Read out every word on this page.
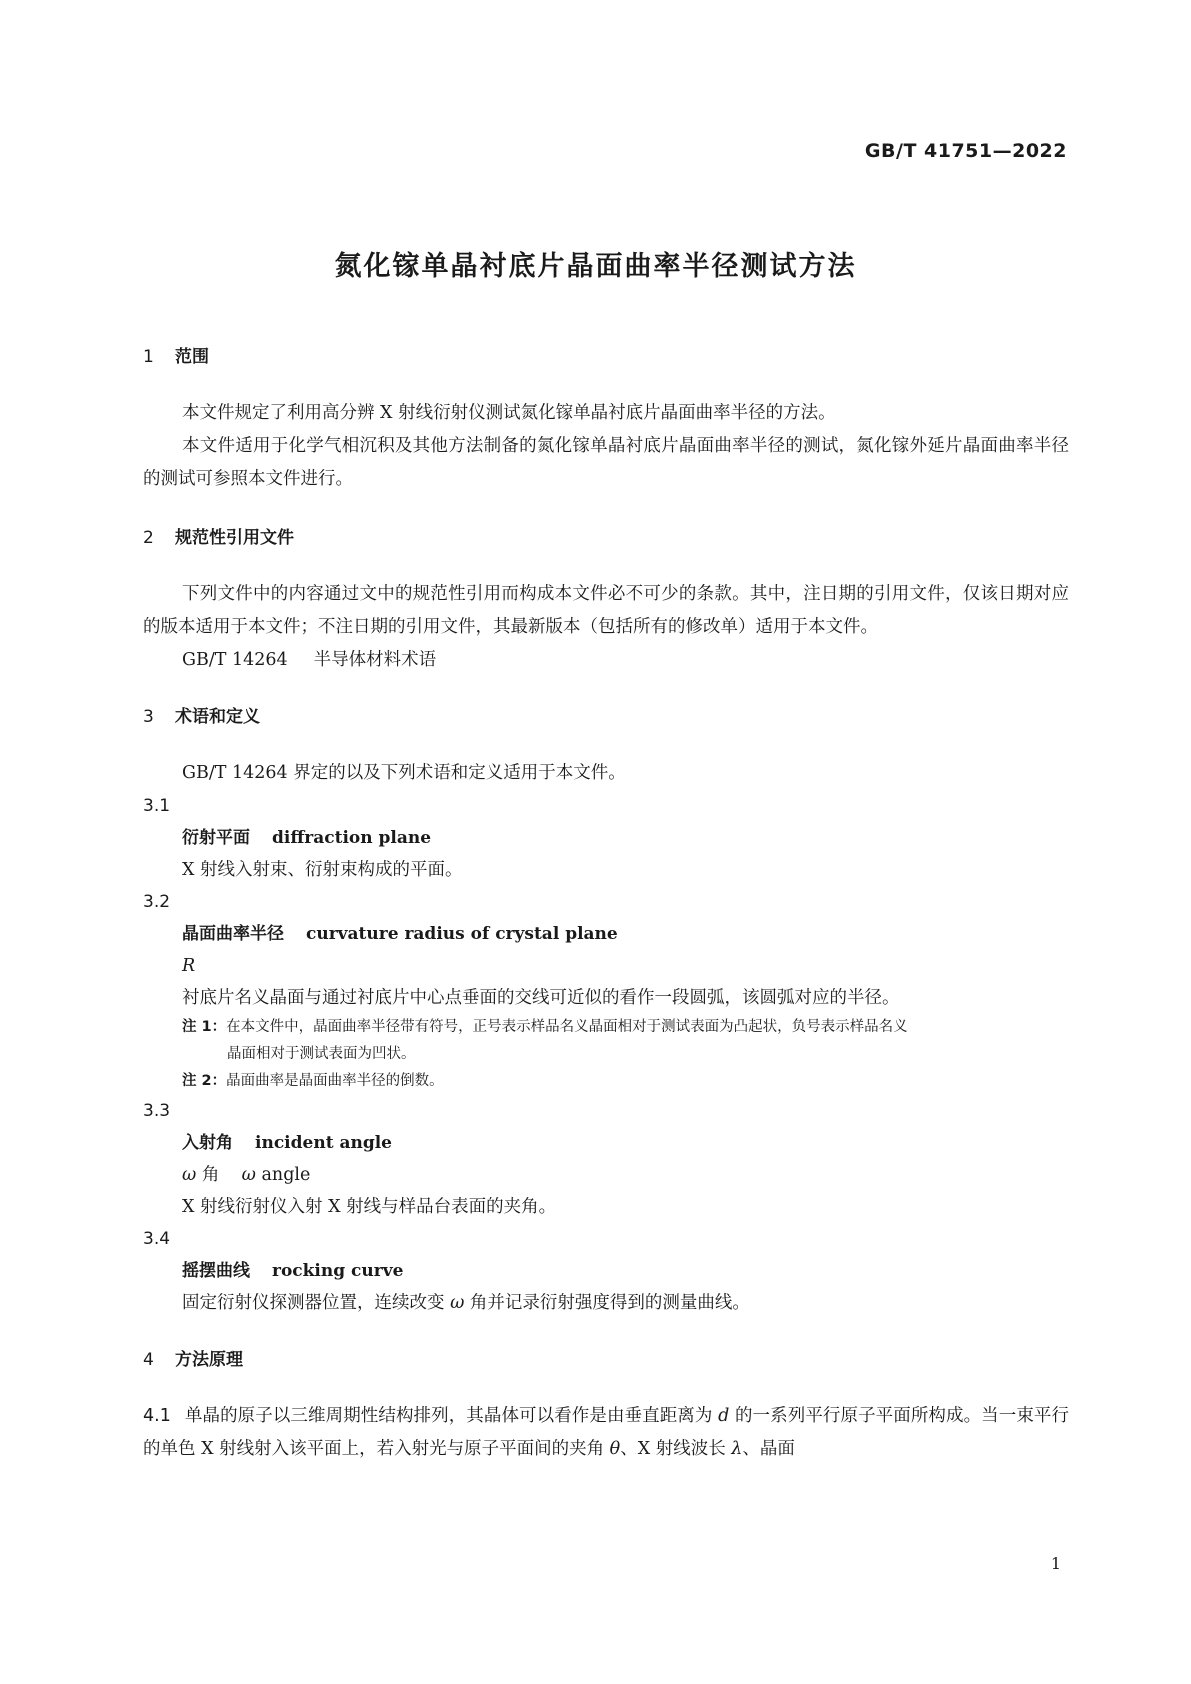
GB/T 41751—2022
氮化镓单晶衬底片晶面曲率半径测试方法
1 范围
本文件规定了利用高分辨 X 射线衍射仪测试氮化镓单晶衬底片晶面曲率半径的方法。
本文件适用于化学气相沉积及其他方法制备的氮化镓单晶衬底片晶面曲率半径的测试，氮化镓外延片晶面曲率半径的测试可参照本文件进行。
2 规范性引用文件
下列文件中的内容通过文中的规范性引用而构成本文件必不可少的条款。其中，注日期的引用文件，仅该日期对应的版本适用于本文件；不注日期的引用文件，其最新版本（包括所有的修改单）适用于本文件。
GB/T 14264 半导体材料术语
3 术语和定义
GB/T 14264 界定的以及下列术语和定义适用于本文件。
3.1
衍射平面 diffraction plane
X 射线入射束、衍射束构成的平面。
3.2
晶面曲率半径 curvature radius of crystal plane
R
衬底片名义晶面与通过衬底片中心点垂面的交线可近似的看作一段圆弧，该圆弧对应的半径。
注 1：在本文件中，晶面曲率半径带有符号，正号表示样品名义晶面相对于测试表面为凸起状，负号表示样品名义
晶面相对于测试表面为凹状。
注 2：晶面曲率是晶面曲率半径的倒数。
3.3
入射角 incident angle
ω 角 ω angle
X 射线衍射仪入射 X 射线与样品台表面的夹角。
3.4
摇摆曲线 rocking curve
固定衍射仪探测器位置，连续改变 ω 角并记录衍射强度得到的测量曲线。
4 方法原理
4.1 单晶的原子以三维周期性结构排列，其晶体可以看作是由垂直距离为 d 的一系列平行原子平面所构成。当一束平行的单色 X 射线射入该平面上，若入射光与原子平面间的夹角 θ、X 射线波长 λ、晶面
1
